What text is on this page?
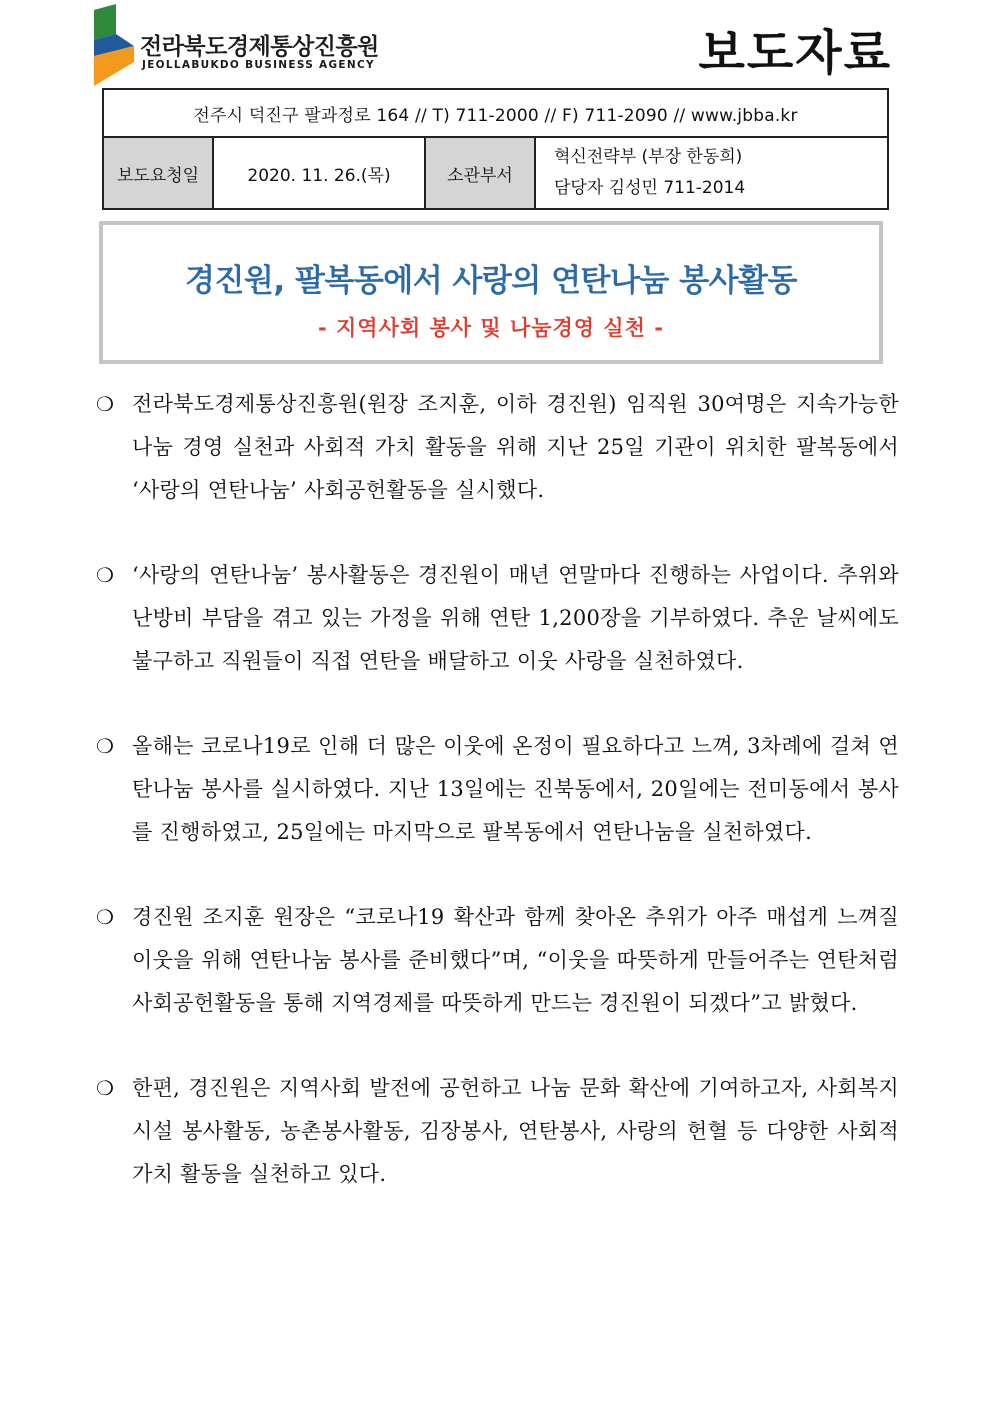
전라북도경제통상진흥원
JEOLLABUKDO BUSINESS AGENCY	보도자료
전주시 덕진구 팔과정로 164 // T) 711-2000 // F) 711-2090 // www.jbba.kr
보도요청일	2020. 11. 26.(목)	소관부서	
혁신전략부 (부장 한동희)
담당자 김성민 711-2014
경진원, 팔복동에서 사랑의 연탄나눔 봉사활동
- 지역사회 봉사 및 나눔경영 실천 -
❍ 전라북도경제통상진흥원(원장 조지훈, 이하 경진원) 임직원 30여명은 지속가능한 나눔 경영 실천과 사회적 가치 활동을 위해 지난 25일 기관이 위치한 팔복동에서 ‘사랑의 연탄나눔’ 사회공헌활동을 실시했다.
❍ ‘사랑의 연탄나눔’ 봉사활동은 경진원이 매년 연말마다 진행하는 사업이다. 추위와 난방비 부담을 겪고 있는 가정을 위해 연탄 1,200장을 기부하였다. 추운 날씨에도 불구하고 직원들이 직접 연탄을 배달하고 이웃 사랑을 실천하였다.
❍ 올해는 코로나19로 인해 더 많은 이웃에 온정이 필요하다고 느껴, 3차례에 걸쳐 연탄나눔 봉사를 실시하였다. 지난 13일에는 진북동에서, 20일에는 전미동에서 봉사를 진행하였고, 25일에는 마지막으로 팔복동에서 연탄나눔을 실천하였다.
❍ 경진원 조지훈 원장은 “코로나19 확산과 함께 찾아온 추위가 아주 매섭게 느껴질 이웃을 위해 연탄나눔 봉사를 준비했다”며, “이웃을 따뜻하게 만들어주는 연탄처럼 사회공헌활동을 통해 지역경제를 따뜻하게 만드는 경진원이 되겠다”고 밝혔다.
❍ 한편, 경진원은 지역사회 발전에 공헌하고 나눔 문화 확산에 기여하고자, 사회복지시설 봉사활동, 농촌봉사활동, 김장봉사, 연탄봉사, 사랑의 헌혈 등 다양한 사회적 가치 활동을 실천하고 있다.
